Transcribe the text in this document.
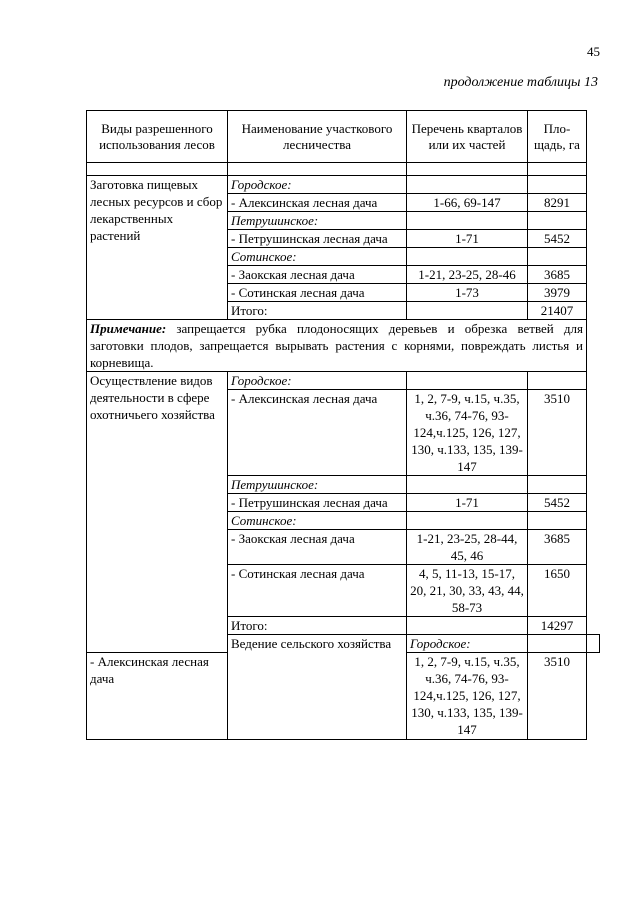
45
продолжение таблицы 13
Виды разрешенного использования лесов	Наименование участкового лесничества	Перечень кварталов или их частей	Пло-щадь, га	

Заготовка пищевых лесных ресурсов и сбор лекарственных растений	Городское:			
	- Алексинская лесная дача	1-66, 69-147	8291	
	Петрушинское:			
	- Петрушинская лесная дача	1-71	5452	
	Сотинское:			
	- Заокская лесная дача	1-21, 23-25, 28-46	3685	
	- Сотинская лесная дача	1-73	3979	
	Итого:		21407	
Примечание: запрещается рубка плодоносящих деревьев и обрезка ветвей для заготовки плодов, запрещается вырывать растения с корнями, повреждать листья и корневища.				
Осуществление видов деятельности в сфере охотничьего хозяйства	Городское:			
	- Алексинская лесная дача	1, 2, 7-9, ч.15, ч.35, ч.36, 74-76, 93-124,ч.125, 126, 127, 130, ч.133, 135, 139-147	3510	
	Петрушинское:			
	- Петрушинская лесная дача	1-71	5452	
	Сотинское:			
	- Заокская лесная дача	1-21, 23-25, 28-44, 45, 46	3685	
	- Сотинская лесная дача	4, 5, 11-13, 15-17, 20, 21, 30, 33, 43, 44, 58-73	1650	
	Итого:		14297	
	Ведение сельского хозяйства	Городское:		
- Алексинская лесная дача		1, 2, 7-9, ч.15, ч.35, ч.36, 74-76, 93-124,ч.125, 126, 127, 130, ч.133, 135, 139-147	3510	
